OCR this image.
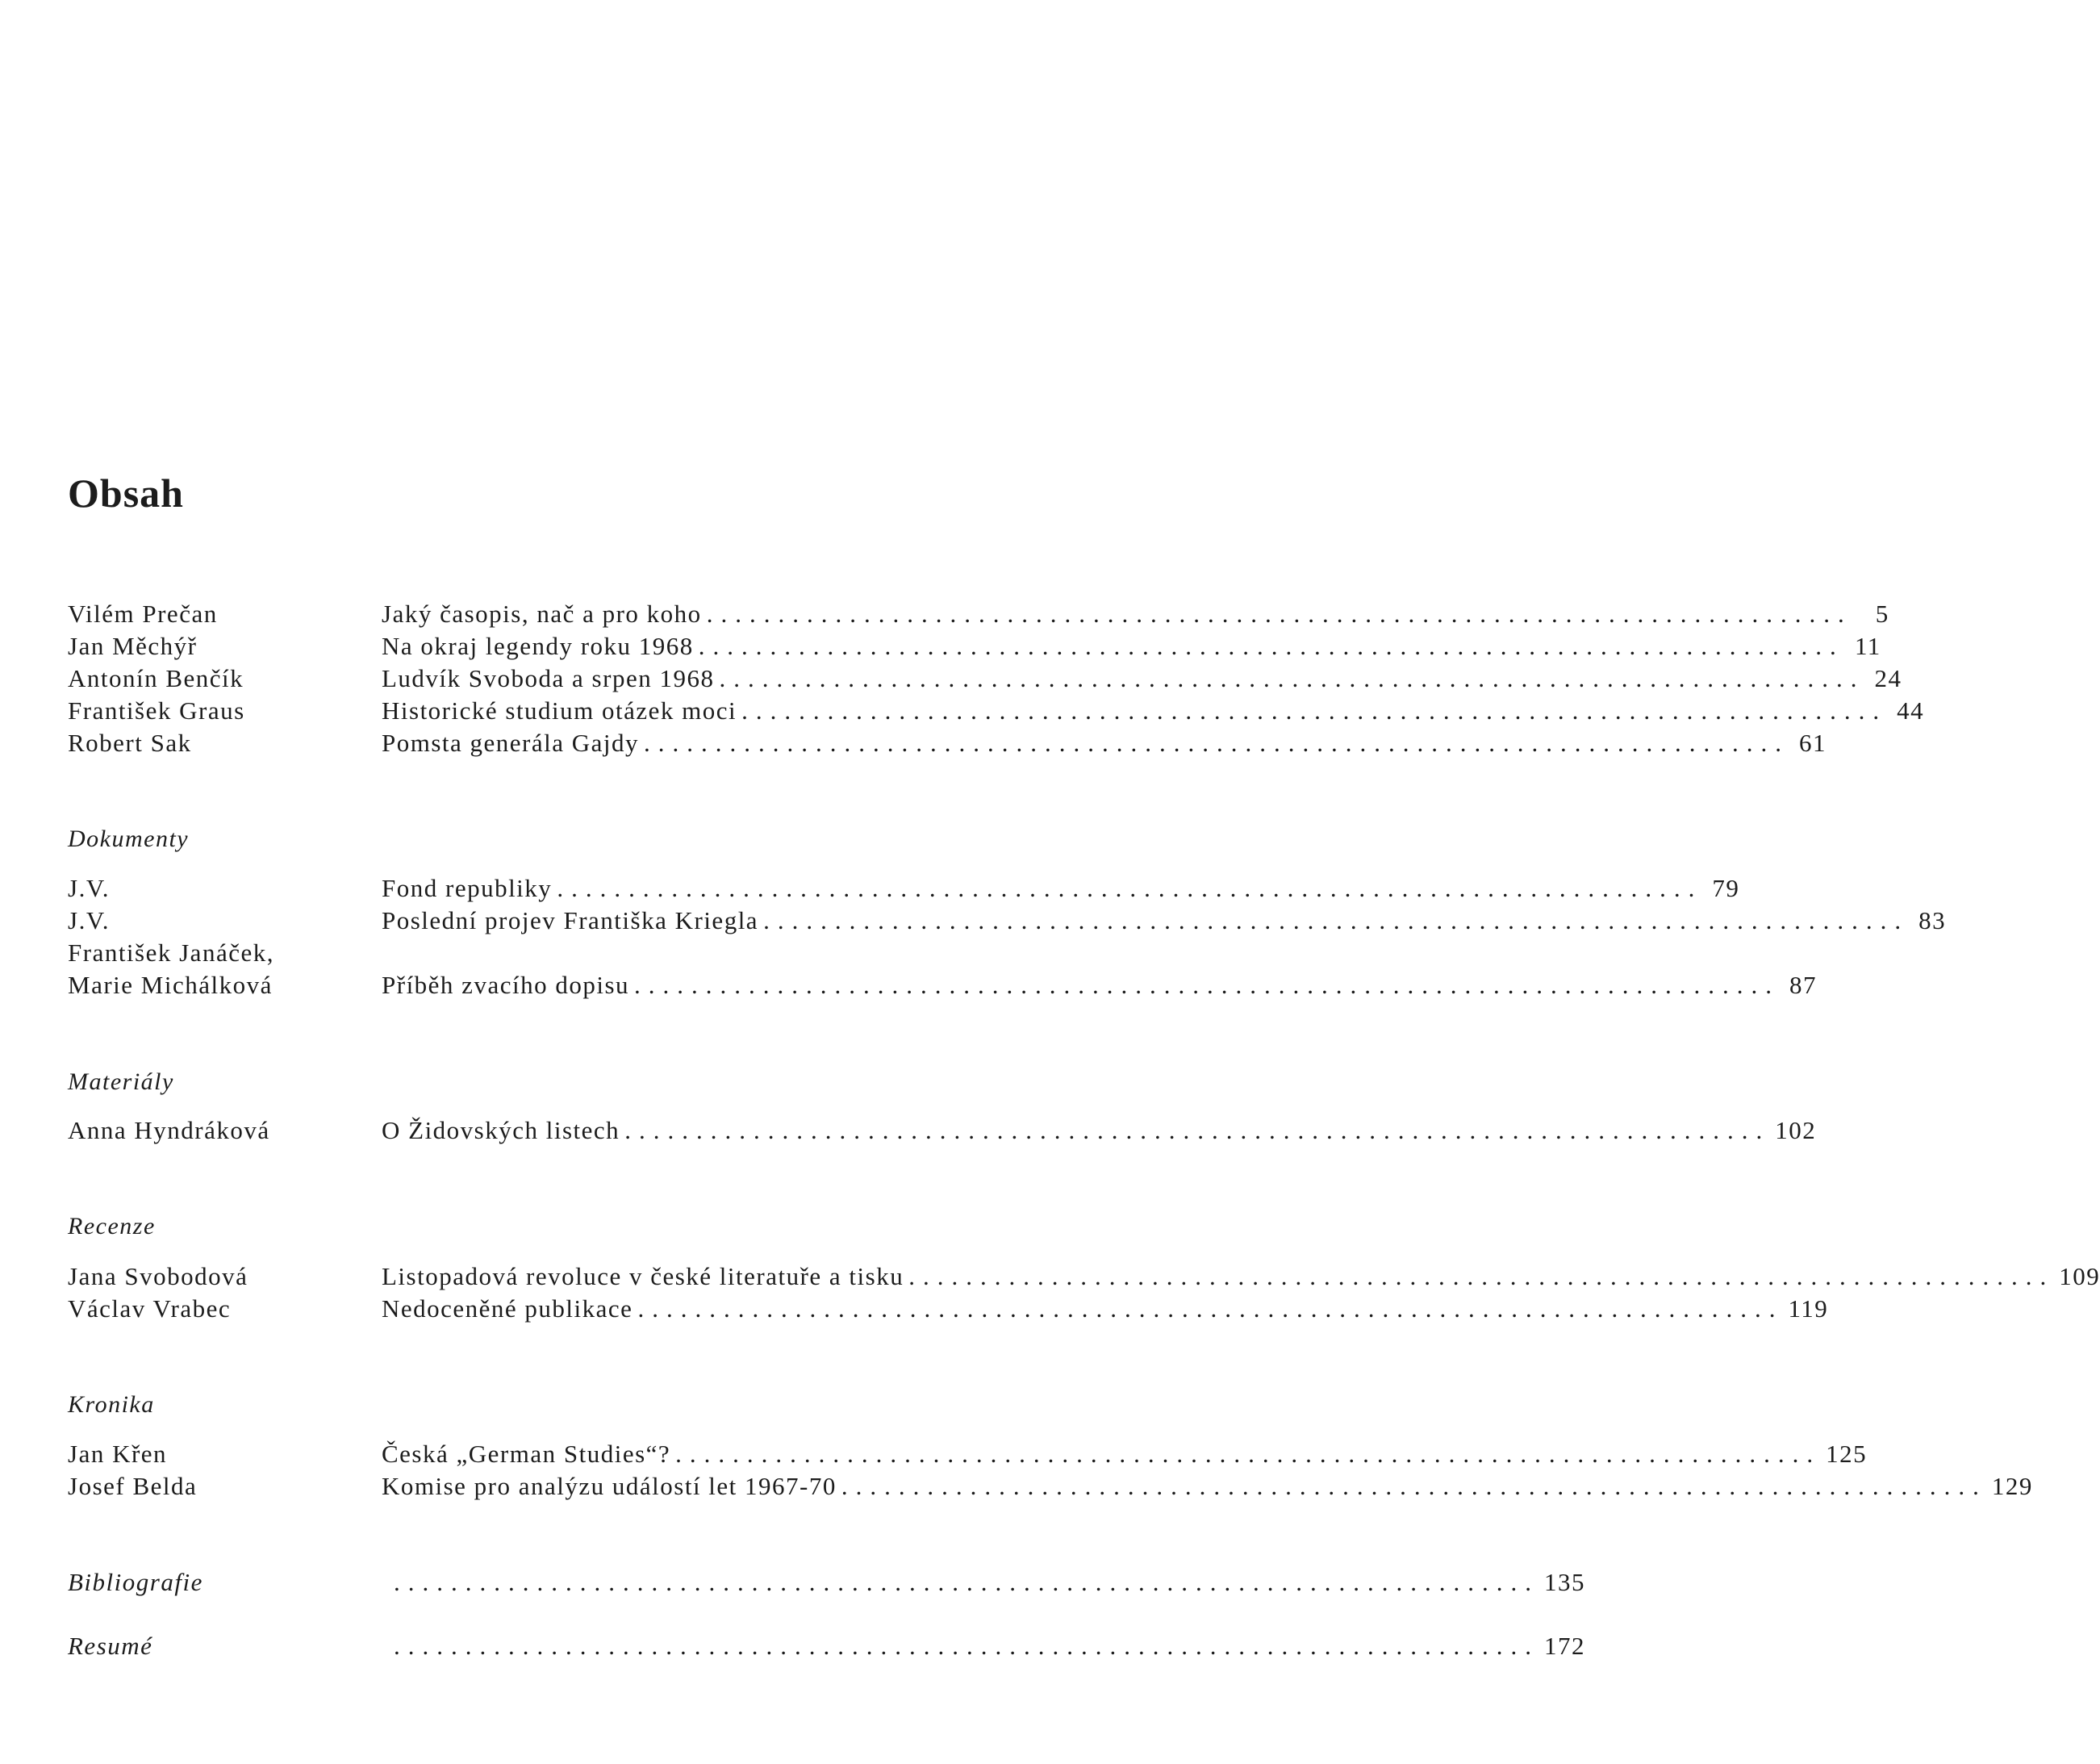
Obsah
Vilém Prečan	Jaký časopis, nač a pro koho ................................................................................ 5
Jan Měchýř	Na okraj legendy roku 1968 ................................................................................ 11
Antonín Benčík	Ludvík Svoboda a srpen 1968 ................................................................................ 24
František Graus	Historické studium otázek moci ................................................................................ 44
Robert Sak	Pomsta generála Gajdy ................................................................................ 61
Dokumenty
J.V.	Fond republiky ................................................................................ 79
J.V.	Poslední projev Františka Kriegla ................................................................................ 83
František Janáček,
Marie Michálková	Příběh zvacího dopisu ................................................................................ 87
Materiály
Anna Hyndráková	O Židovských listech ................................................................................ 102
Recenze
Jana Svobodová	Listopadová revoluce v české literatuře a tisku ................................................................................ 109
Václav Vrabec	Nedoceněné publikace ................................................................................ 119
Kronika
Jan Křen	Česká „German Studies“? ................................................................................ 125
Josef Belda	Komise pro analýzu událostí let 1967-70 ................................................................................ 129
Bibliografie	................................................................................ 135
Resumé	................................................................................ 172
